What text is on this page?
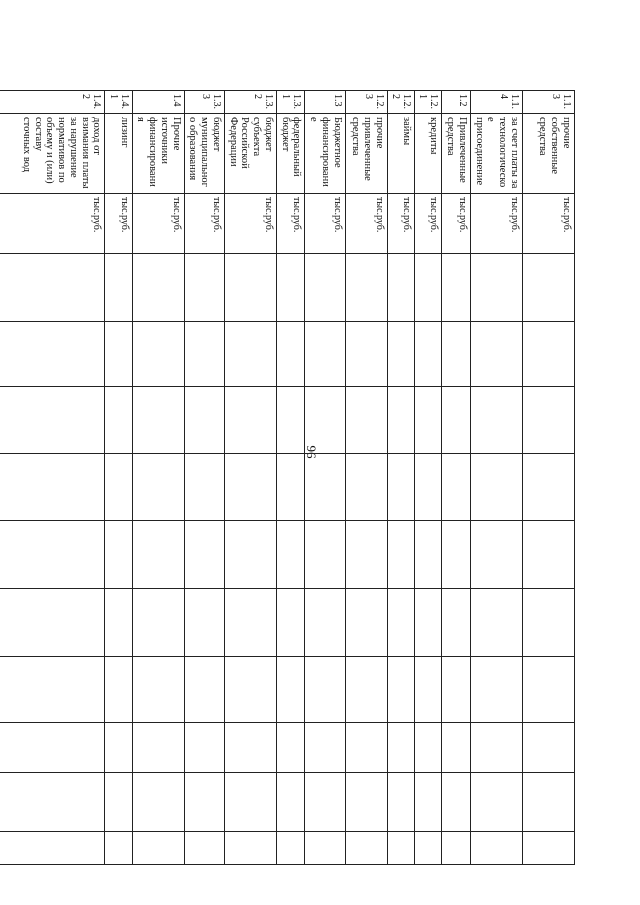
96
1.1.3	прочие собственные средства	тыс.руб.										
1.1.4	за счет платы за технологическое присоединение	тыс.руб.										
1.2	Привлеченные средства	тыс.руб.										
1.2.1	кредиты	тыс.руб.										
1.2.2	займы	тыс.руб.										
1.2.3	прочие привлеченные средства	тыс.руб.										
1.3	Бюджетное финансирование	тыс.руб.										
1.3.1	федеральный бюджет	тыс.руб.										
1.3.2	бюджет субъекта Российской Федерации	тыс.руб.										
1.3.3	бюджет муниципального образования	тыс.руб.										
1.4	Прочие источники финансирования	тыс.руб.										
1.4.1	лизинг	тыс.руб.										
1.4.2	доход от взимания платы за нарушение нормативов по объему и (или) составу сточных вод	тыс.руб.										
